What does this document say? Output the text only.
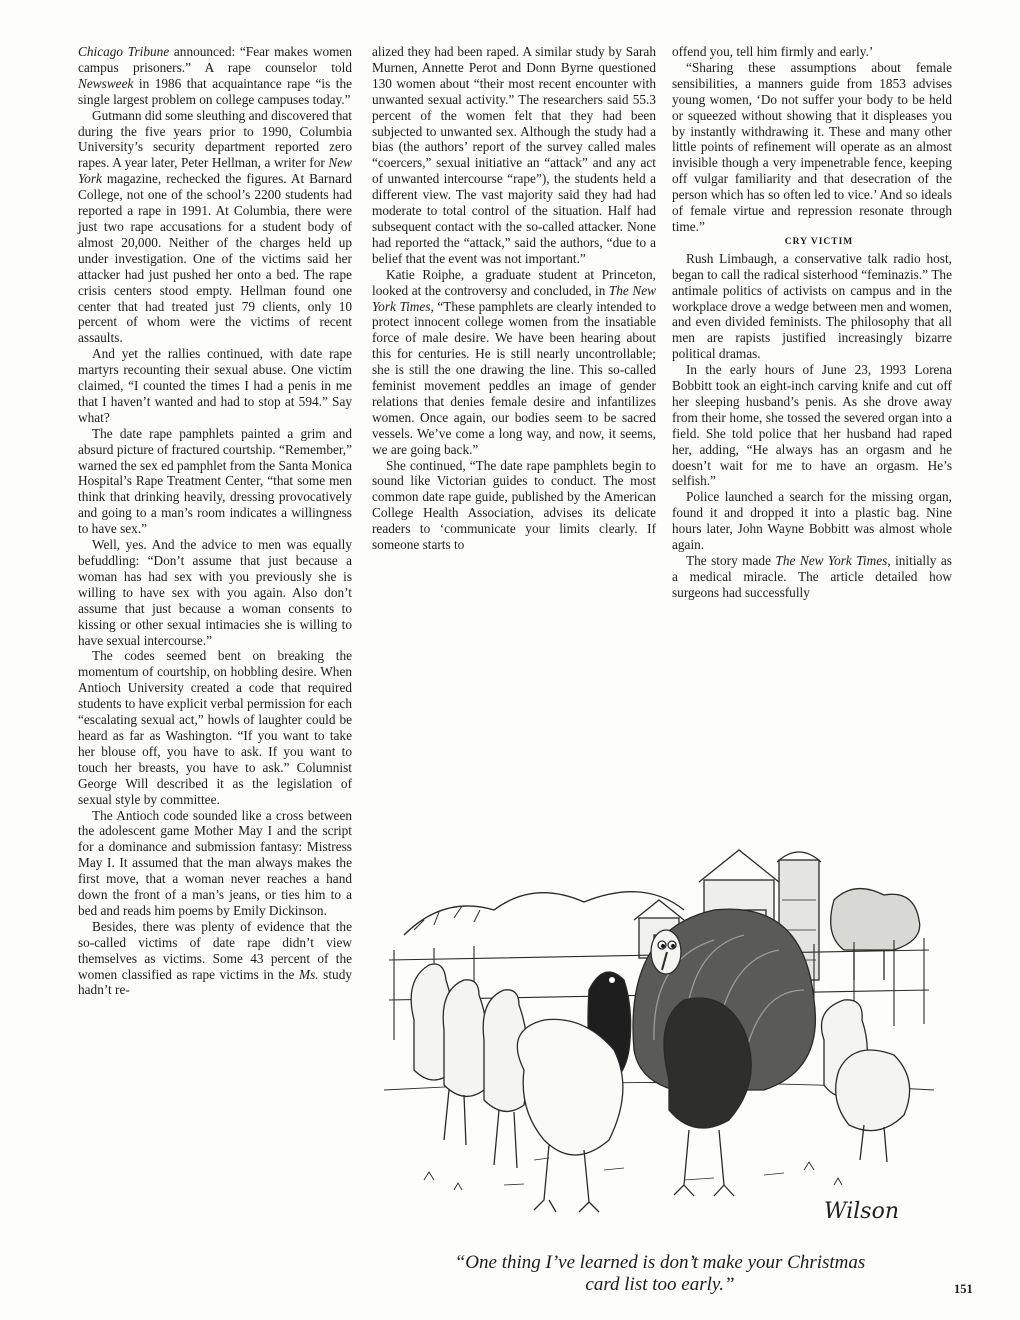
Chicago Tribune announced: “Fear makes women campus prisoners.” A rape counselor told Newsweek in 1986 that acquaintance rape “is the single largest problem on college campuses today.”

Gutmann did some sleuthing and discovered that during the five years prior to 1990, Columbia University’s security department reported zero rapes. A year later, Peter Hellman, a writer for New York magazine, rechecked the figures. At Barnard College, not one of the school’s 2200 students had reported a rape in 1991. At Columbia, there were just two rape accusations for a student body of almost 20,000. Neither of the charges held up under investigation. One of the victims said her attacker had just pushed her onto a bed. The rape crisis centers stood empty. Hellman found one center that had treated just 79 clients, only 10 percent of whom were the victims of recent assaults.

And yet the rallies continued, with date rape martyrs recounting their sexual abuse. One victim claimed, “I counted the times I had a penis in me that I haven’t wanted and had to stop at 594.” Say what?

The date rape pamphlets painted a grim and absurd picture of fractured courtship. “Remember,” warned the sex ed pamphlet from the Santa Monica Hospital’s Rape Treatment Center, “that some men think that drinking heavily, dressing provocatively and going to a man’s room indicates a willingness to have sex.”

Well, yes. And the advice to men was equally befuddling: “Don’t assume that just because a woman has had sex with you previously she is willing to have sex with you again. Also don’t assume that just because a woman consents to kissing or other sexual intimacies she is willing to have sexual intercourse.”

The codes seemed bent on breaking the momentum of courtship, on hobbling desire. When Antioch University created a code that required students to have explicit verbal permission for each “escalating sexual act,” howls of laughter could be heard as far as Washington. “If you want to take her blouse off, you have to ask. If you want to touch her breasts, you have to ask.” Columnist George Will described it as the legislation of sexual style by committee.

The Antioch code sounded like a cross between the adolescent game Mother May I and the script for a dominance and submission fantasy: Mistress May I. It assumed that the man always makes the first move, that a woman never reaches a hand down the front of a man’s jeans, or ties him to a bed and reads him poems by Emily Dickinson.

Besides, there was plenty of evidence that the so-called victims of date rape didn’t view themselves as victims. Some 43 percent of the women classified as rape victims in the Ms. study hadn’t re-

alized they had been raped. A similar study by Sarah Murnen, Annette Perot and Donn Byrne questioned 130 women about “their most recent encounter with unwanted sexual activity.” The researchers said 55.3 percent of the women felt that they had been subjected to unwanted sex. Although the study had a bias (the authors’ report of the survey called males “coercers,” sexual initiative an “attack” and any act of unwanted intercourse “rape”), the students held a different view. The vast majority said they had had moderate to total control of the situation. Half had subsequent contact with the so-called attacker. None had reported the “attack,” said the authors, “due to a belief that the event was not important.”

Katie Roiphe, a graduate student at Princeton, looked at the controversy and concluded, in The New York Times, “These pamphlets are clearly intended to protect innocent college women from the insatiable force of male desire. We have been hearing about this for centuries. He is still nearly uncontrollable; she is still the one drawing the line. This so-called feminist movement peddles an image of gender relations that denies female desire and infantilizes women. Once again, our bodies seem to be sacred vessels. We’ve come a long way, and now, it seems, we are going back.”

She continued, “The date rape pamphlets begin to sound like Victorian guides to conduct. The most common date rape guide, published by the American College Health Association, advises its delicate readers to ‘communicate your limits clearly. If someone starts to

offend you, tell him firmly and early.’

“Sharing these assumptions about female sensibilities, a manners guide from 1853 advises young women, ‘Do not suffer your body to be held or squeezed without showing that it displeases you by instantly withdrawing it. These and many other little points of refinement will operate as an almost invisible though a very impenetrable fence, keeping off vulgar familiarity and that desecration of the person which has so often led to vice.’ And so ideals of female virtue and repression resonate through time.”

CRY VICTIM

Rush Limbaugh, a conservative talk radio host, began to call the radical sisterhood “feminazis.” The antimale politics of activists on campus and in the workplace drove a wedge between men and women, and even divided feminists. The philosophy that all men are rapists justified increasingly bizarre political dramas.

In the early hours of June 23, 1993 Lorena Bobbitt took an eight-inch carving knife and cut off her sleeping husband’s penis. As she drove away from their home, she tossed the severed organ into a field. She told police that her husband had raped her, adding, “He always has an orgasm and he doesn’t wait for me to have an orgasm. He’s selfish.”

Police launched a search for the missing organ, found it and dropped it into a plastic bag. Nine hours later, John Wayne Bobbitt was almost whole again.

The story made The New York Times, initially as a medical miracle. The article detailed how surgeons had successfully

Wilson
“One thing I’ve learned is don’t make your Christmas
card list too early.”	151
